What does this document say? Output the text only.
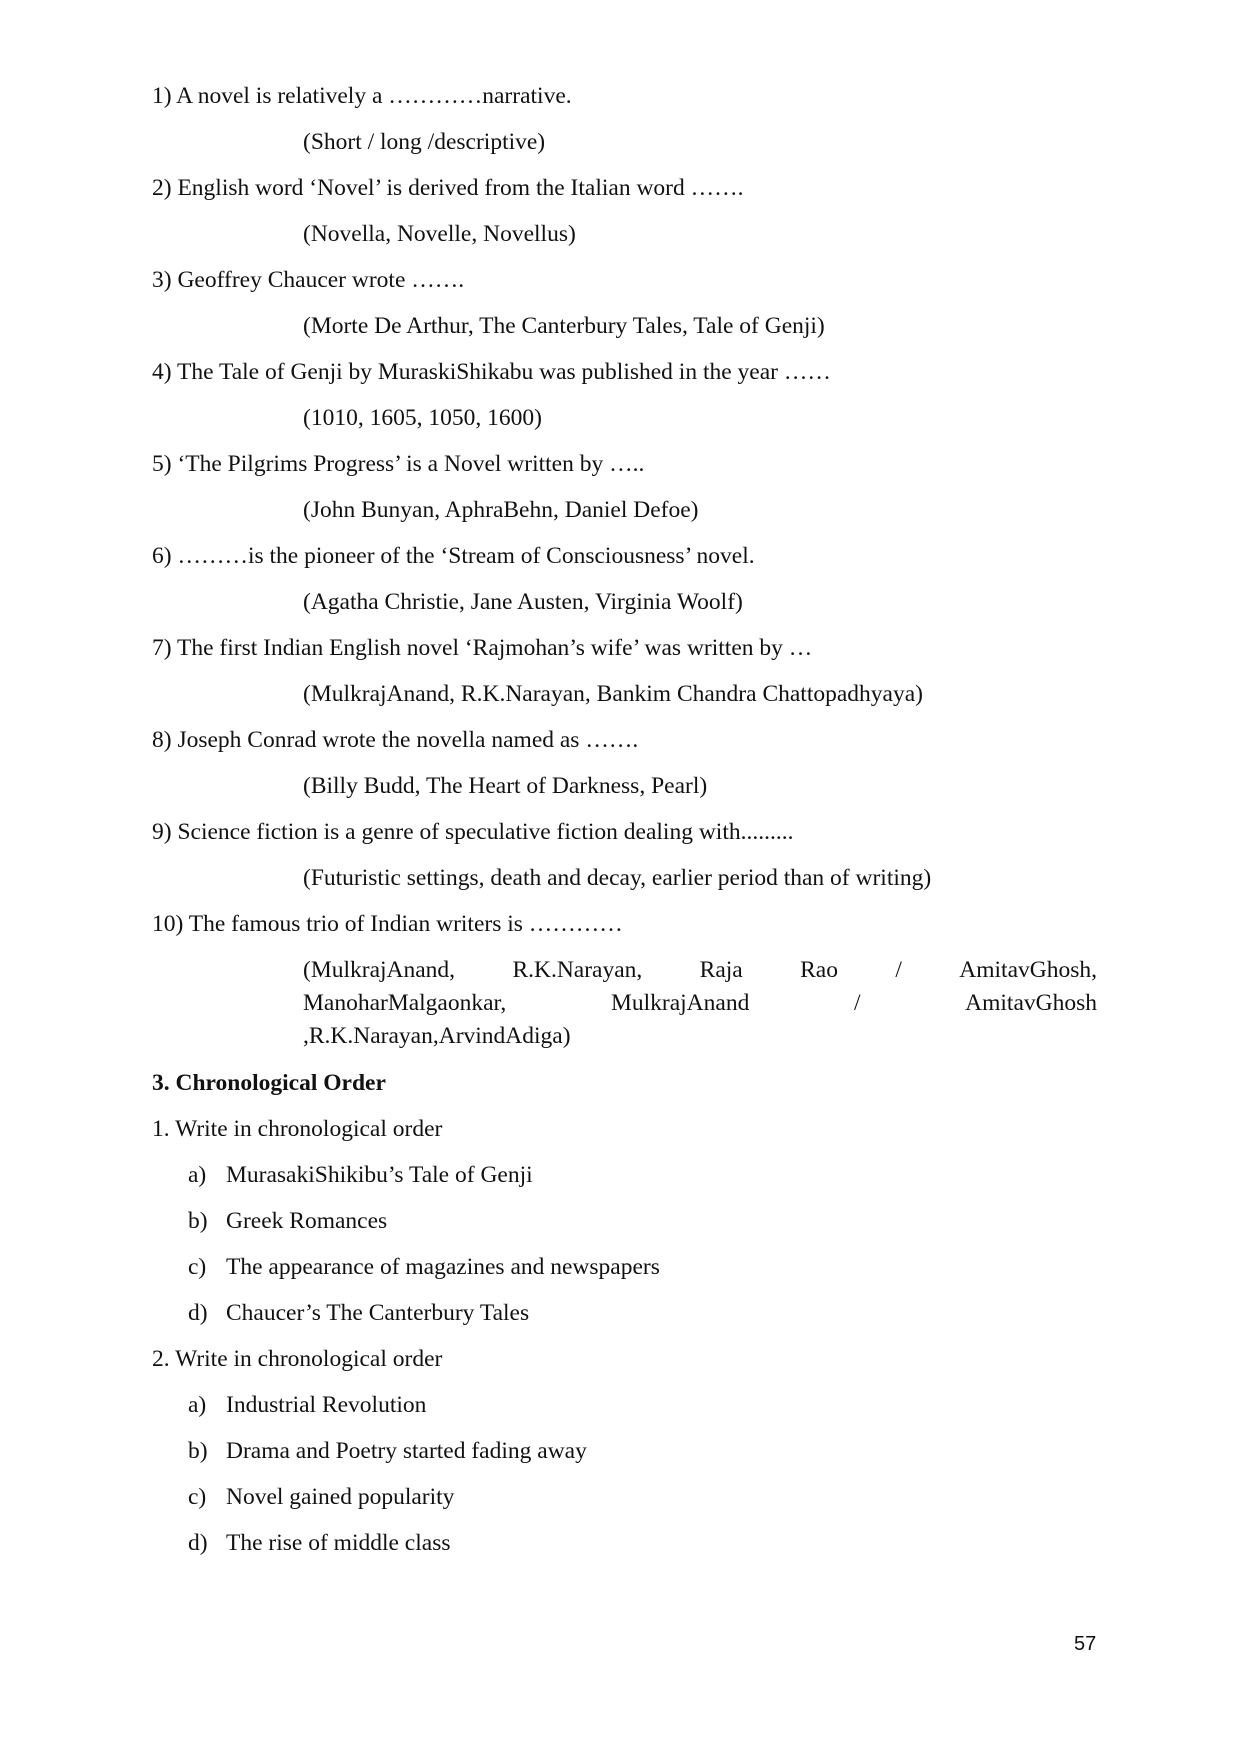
1) A novel is relatively a …………narrative.
(Short / long /descriptive)
2) English word ‘Novel’ is derived from the Italian word …….
(Novella, Novelle, Novellus)
3) Geoffrey Chaucer wrote …….
(Morte De Arthur, The Canterbury Tales, Tale of Genji)
4) The Tale of Genji by MuraskiShikabu was published in the year ……
(1010, 1605, 1050, 1600)
5) ‘The Pilgrims Progress’ is a Novel written by …..
(John Bunyan, AphraBehn, Daniel Defoe)
6) ………is the pioneer of the ‘Stream of Consciousness’ novel.
(Agatha Christie, Jane Austen, Virginia Woolf)
7) The first Indian English novel ‘Rajmohan’s wife’ was written by …
(MulkrajAnand, R.K.Narayan, Bankim Chandra Chattopadhyaya)
8) Joseph Conrad wrote the novella named as …….
(Billy Budd, The Heart of Darkness, Pearl)
9) Science fiction is a genre of speculative fiction dealing with.........
(Futuristic settings, death and decay, earlier period than of writing)
10) The famous trio of Indian writers is …………
(MulkrajAnand, R.K.Narayan, Raja Rao / AmitavGhosh,
ManoharMalgaonkar,	MulkrajAnand	/	AmitavGhosh
,R.K.Narayan,ArvindAdiga)
3. Chronological Order
1. Write in chronological order
a) MurasakiShikibu’s Tale of Genji
b) Greek Romances
c) The appearance of magazines and newspapers
d) Chaucer’s The Canterbury Tales
2. Write in chronological order
a) Industrial Revolution
b) Drama and Poetry started fading away
c) Novel gained popularity
d) The rise of middle class
57
